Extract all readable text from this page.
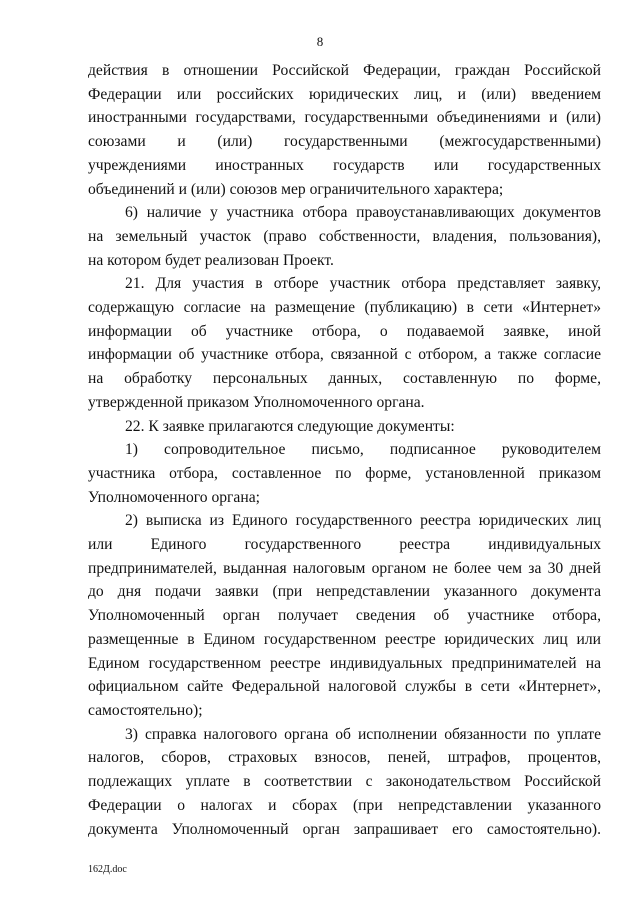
8

действия в отношении Российской Федерации, граждан Российской

Федерации или российских юридических лиц, и (или) введением

иностранными государствами, государственными объединениями и (или)

союзами и (или) государственными (межгосударственными)

учреждениями иностранных государств или государственных

объединений и (или) союзов мер ограничительного характера;

6) наличие у участника отбора правоустанавливающих документов

на земельный участок (право собственности, владения, пользования),

на котором будет реализован Проект.

21. Для участия в отборе участник отбора представляет заявку,

содержащую согласие на размещение (публикацию) в сети «Интернет»

информации об участнике отбора, о подаваемой заявке, иной

информации об участнике отбора, связанной с отбором, а также согласие

на обработку персональных данных, составленную по форме,

утвержденной приказом Уполномоченного органа.

22. К заявке прилагаются следующие документы:

1) сопроводительное письмо, подписанное руководителем

участника отбора, составленное по форме, установленной приказом

Уполномоченного органа;

2) выписка из Единого государственного реестра юридических лиц

или Единого государственного реестра индивидуальных

предпринимателей, выданная налоговым органом не более чем за 30 дней

до дня подачи заявки (при непредставлении указанного документа

Уполномоченный орган получает сведения об участнике отбора,

размещенные в Едином государственном реестре юридических лиц или

Едином государственном реестре индивидуальных предпринимателей на

официальном сайте Федеральной налоговой службы в сети «Интернет»,

самостоятельно);

3) справка налогового органа об исполнении обязанности по уплате

налогов, сборов, страховых взносов, пеней, штрафов, процентов,

подлежащих уплате в соответствии с законодательством Российской

Федерации о налогах и сборах (при непредставлении указанного

документа Уполномоченный орган запрашивает его самостоятельно).

162Д.doc
